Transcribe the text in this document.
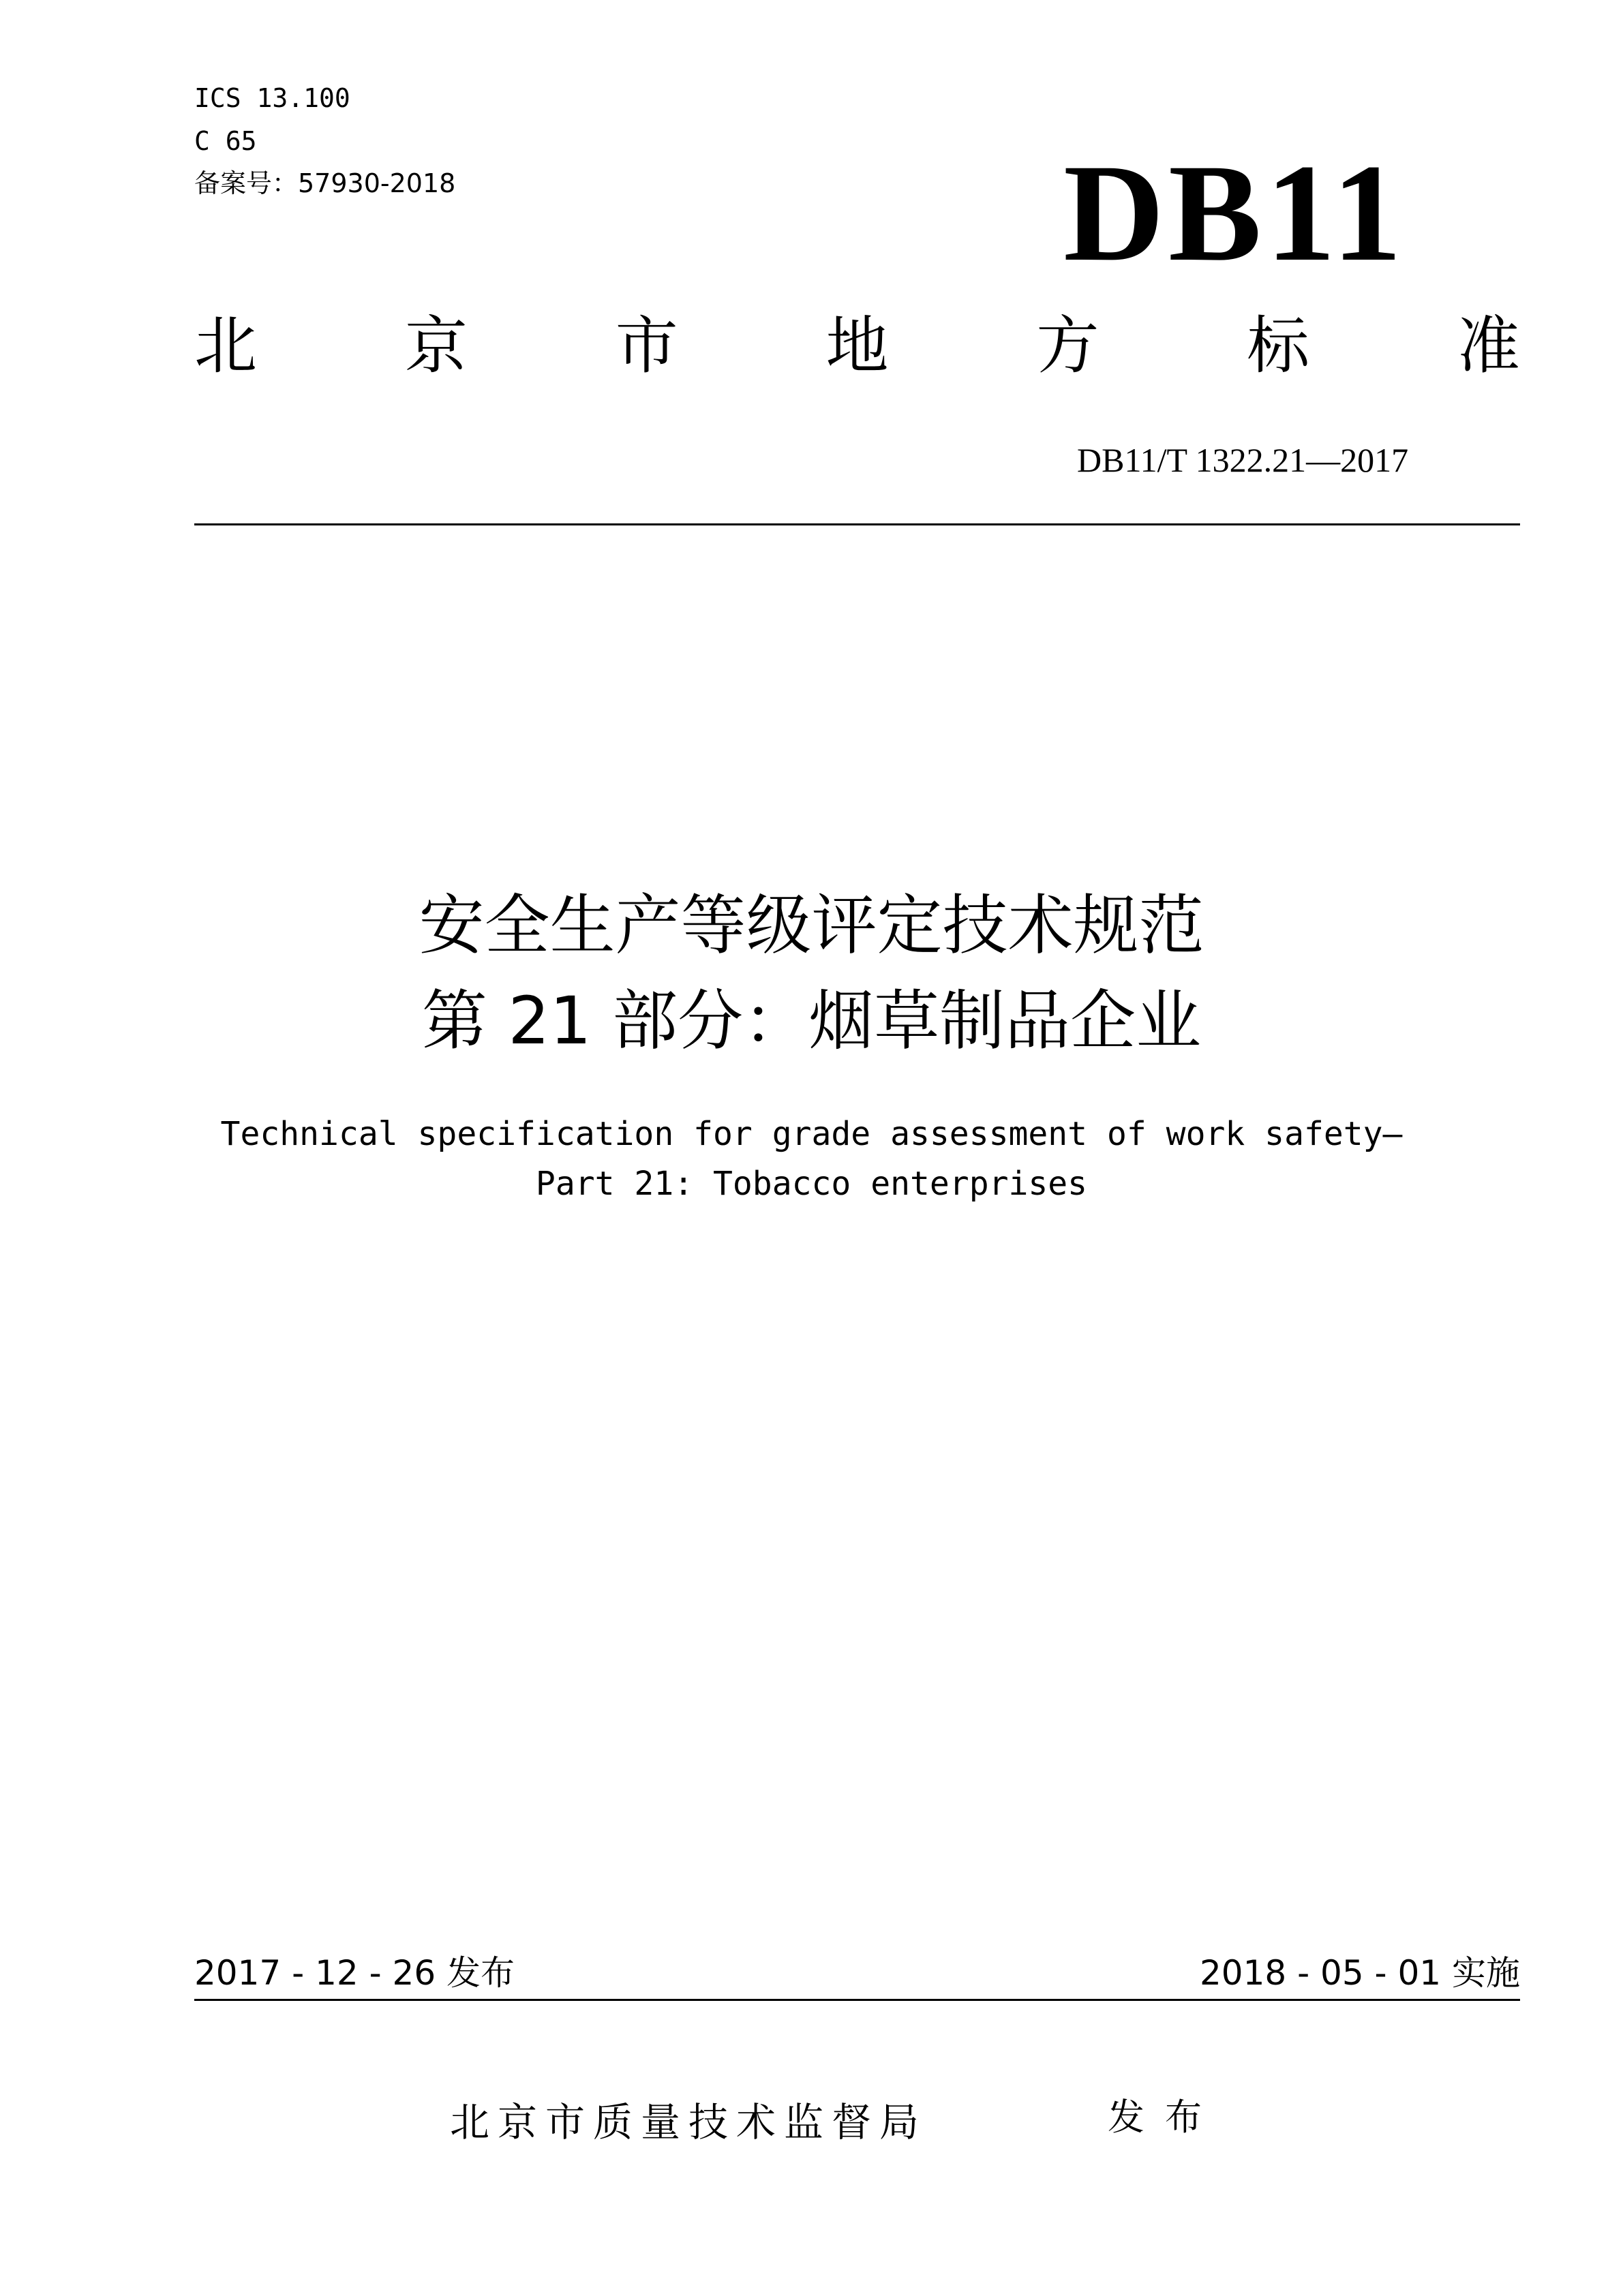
ICS 13.100
C 65
备案号：57930-2018	DB11
北 京 市 地 方 标 准
DB11/T 1322.21—2017
安全生产等级评定技术规范
第 21 部分：烟草制品企业
Technical specification for grade assessment of work safety—
Part 21: Tobacco enterprises
2017 - 12 - 26 发布	2018 - 05 - 01 实施
北京市质量技术监督局	发布
